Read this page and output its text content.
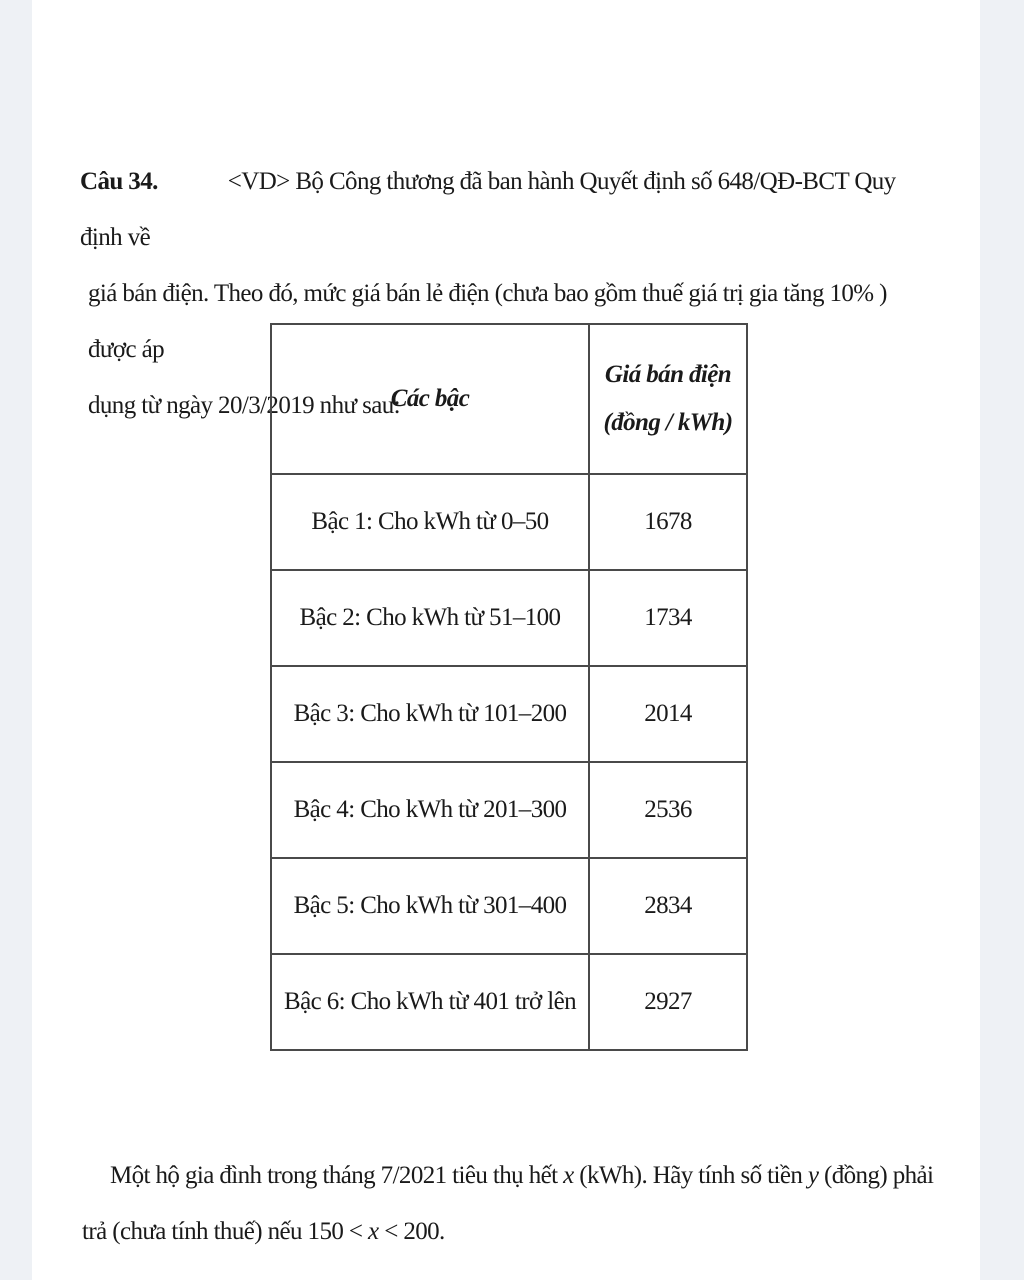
Câu 34.	<VD> Bộ Công thương đã ban hành Quyết định số 648/QĐ-BCT Quy định về
giá bán điện. Theo đó, mức giá bán lẻ điện (chưa bao gồm thuế giá trị gia tăng 10% ) được áp
dụng từ ngày 20/3/2019 như sau:
Các bậc	Giá bán điện
(đồng / kWh)

Bậc 1: Cho kWh từ 0–50	1678
Bậc 2: Cho kWh từ 51–100	1734
Bậc 3: Cho kWh từ 101–200	2014
Bậc 4: Cho kWh từ 201–300	2536
Bậc 5: Cho kWh từ 301–400	2834
Bậc 6: Cho kWh từ 401 trở lên	2927
Một hộ gia đình trong tháng 7/2021 tiêu thụ hết x (kWh). Hãy tính số tiền y (đồng) phải
trả (chưa tính thuế) nếu 150 < x < 200.
